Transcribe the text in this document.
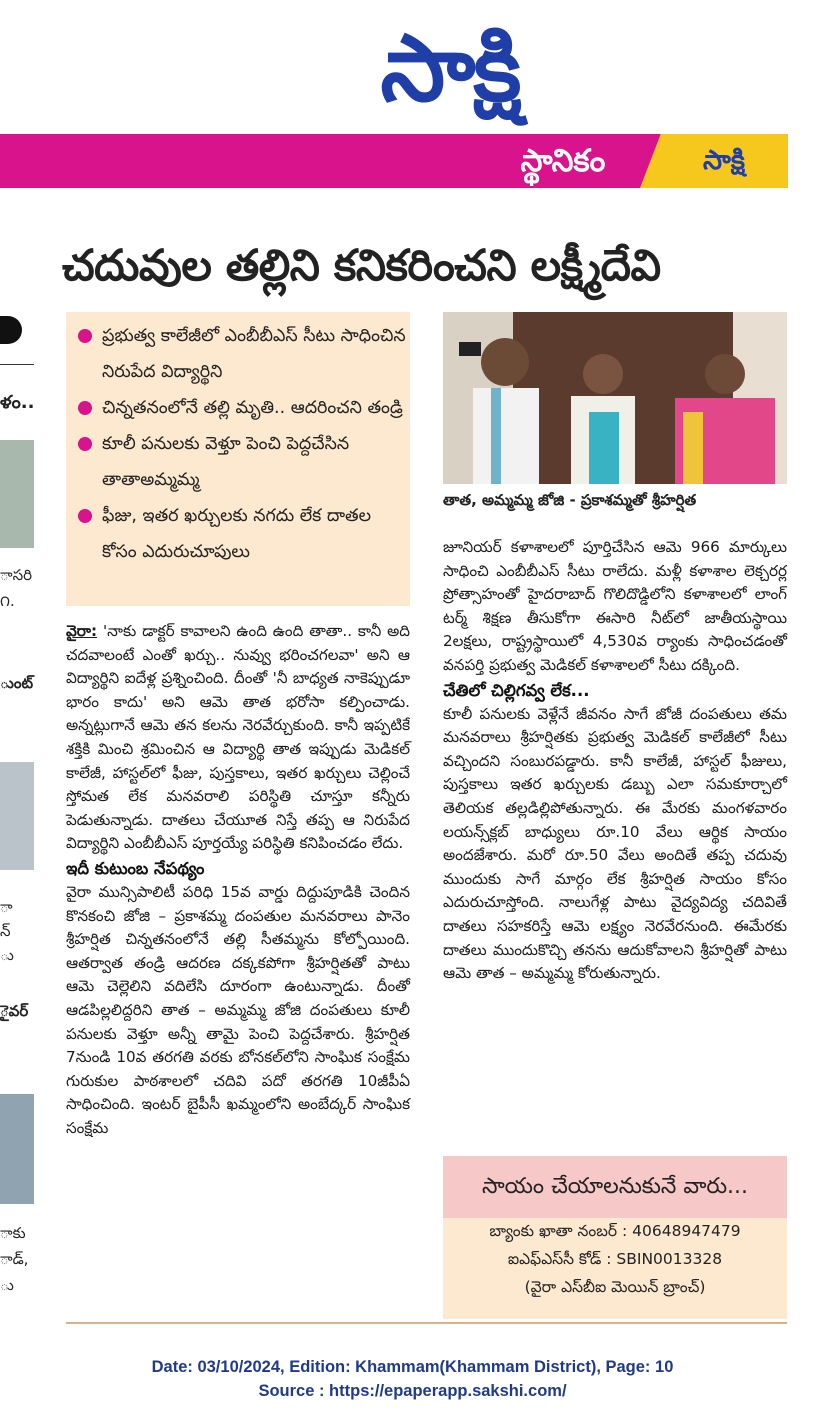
సాక్షి
స్థానికం	సాక్షి
చదువుల తల్లిని కనికరించని లక్ష్మీదేవి
ళం..
ాసరి
౧.
ుంట్
ా
న్
ు
ైవర్
ాకు
ాడ్,
ు

ప్రభుత్వ కాలేజీలో ఎంబీబీఎస్ సీటు సాధించిన నిరుపేద విద్యార్థిని

చిన్నతనంలోనే తల్లి మృతి.. ఆదరించని తండ్రి

కూలీ పనులకు వెళ్తూ పెంచి పెద్దచేసిన తాతాఅమ్మమ్మ

ఫీజు, ఇతర ఖర్చులకు నగదు లేక దాతల కోసం ఎదురుచూపులు

తాత, అమ్మమ్మ జోజి - ప్రకాశమ్మతో శ్రీహర్షిత

వైరా: 'నాకు డాక్టర్ కావాలని ఉంది ఉంది తాతా.. కానీ అది చదవాలంటే ఎంతో ఖర్చు.. నువ్వు భరించగలవా' అని ఆ విద్యార్థిని ఐదేళ్ల ప్రశ్నించింది. దీంతో 'నీ బాధ్యత నాకెప్పుడూ భారం కాదు' అని ఆమె తాత భరోసా కల్పించాడు. అన్నట్లుగానే ఆమె తన కలను నెరవేర్చుకుంది. కానీ ఇప్పటికే శక్తికి మించి శ్రమించిన ఆ విద్యార్థి తాత ఇప్పుడు మెడికల్ కాలేజీ, హాస్టల్‌లో ఫీజు, పుస్తకాలు, ఇతర ఖర్చులు చెల్లించే స్తోమత లేక మనవరాలి పరిస్థితి చూస్తూ కన్నీరు పెడుతున్నాడు. దాతలు చేయూత నిస్తే తప్ప ఆ నిరుపేద విద్యార్థిని ఎంబీబీఎస్ పూర్తయ్యే పరిస్థితి కనిపించడం లేదు.

ఇదీ కుటుంబ నేపథ్యం

వైరా మున్సిపాలిటీ పరిధి 15వ వార్డు దిద్దుపూడికి చెందిన కొనకంచి జోజి – ప్రకాశమ్మ దంపతుల మనవరాలు పానెం శ్రీహర్షిత చిన్నతనంలోనే తల్లి సీతమ్మను కోల్పోయింది. ఆతర్వాత తండ్రి ఆదరణ దక్కకపోగా శ్రీహర్షితతో పాటు ఆమె చెల్లెలిని వదిలేసి దూరంగా ఉంటున్నాడు. దీంతో ఆడపిల్లలిద్దరిని తాత – అమ్మమ్మ జోజి దంపతులు కూలీ పనులకు వెళ్తూ అన్నీ తామై పెంచి పెద్దచేశారు. శ్రీహర్షిత 7నుండి 10వ తరగతి వరకు బోనకల్‌లోని సాంఘిక సంక్షేమ గురుకుల పాఠశాలలో చదివి పదో తరగతి 10జీపీఏ సాధించింది. ఇంటర్ బైపీసీ ఖమ్మంలోని అంబేద్కర్ సాంఘిక సంక్షేమ

జూనియర్ కళాశాలలో పూర్తిచేసిన ఆమె 966 మార్కులు సాధించి ఎంబీబీఎస్ సీటు రాలేదు. మళ్లీ కళాశాల లెక్చరర్ల ప్రోత్సాహంతో హైదరాబాద్ గొలిదొడ్డిలోని కళాశాలలో లాంగ్ టర్మ్ శిక్షణ తీసుకోగా ఈసారి నీట్‌లో జాతీయస్థాయి 2లక్షలు, రాష్ట్రస్థాయిలో 4,530వ ర్యాంకు సాధించడంతో వనపర్తి ప్రభుత్వ మెడికల్ కళాశాలలో సీటు దక్కింది.

చేతిలో చిల్లిగవ్వ లేక...

కూలీ పనులకు వెళ్లేనే జీవనం సాగే జోజీ దంపతులు తమ మనవరాలు శ్రీహర్షితకు ప్రభుత్వ మెడికల్ కాలేజీలో సీటు వచ్చిందని సంబురపడ్డారు. కానీ కాలేజీ, హాస్టల్ ఫీజులు, పుస్తకాలు ఇతర ఖర్చులకు డబ్బు ఎలా సమకూర్చాలో తెలియక తల్లడిల్లిపోతున్నారు. ఈ మేరకు మంగళవారం లయన్స్‌క్లబ్ బాధ్యులు రూ.10 వేలు ఆర్థిక సాయం అందజేశారు. మరో రూ.50 వేలు అందితే తప్ప చదువు ముందుకు సాగే మార్గం లేక శ్రీహర్షిత సాయం కోసం ఎదురుచూస్తోంది. నాలుగేళ్ల పాటు వైద్యవిద్య చదివితే దాతలు సహకరిస్తే ఆమె లక్ష్యం నెరవేరనుంది. ఈమేరకు దాతలు ముందుకొచ్చి తనను ఆదుకోవాలని శ్రీహర్షితో పాటు ఆమె తాత – అమ్మమ్మ కోరుతున్నారు.

సాయం చేయాలనుకునే వారు...
బ్యాంకు ఖాతా నంబర్ : 40648947479
ఐఎఫ్ఎస్‌సీ కోడ్ : SBIN0013328
(వైరా ఎస్‌బీఐ మెయిన్ బ్రాంచ్)
Date: 03/10/2024, Edition: Khammam(Khammam District), Page: 10
Source : https://epaperapp.sakshi.com/
